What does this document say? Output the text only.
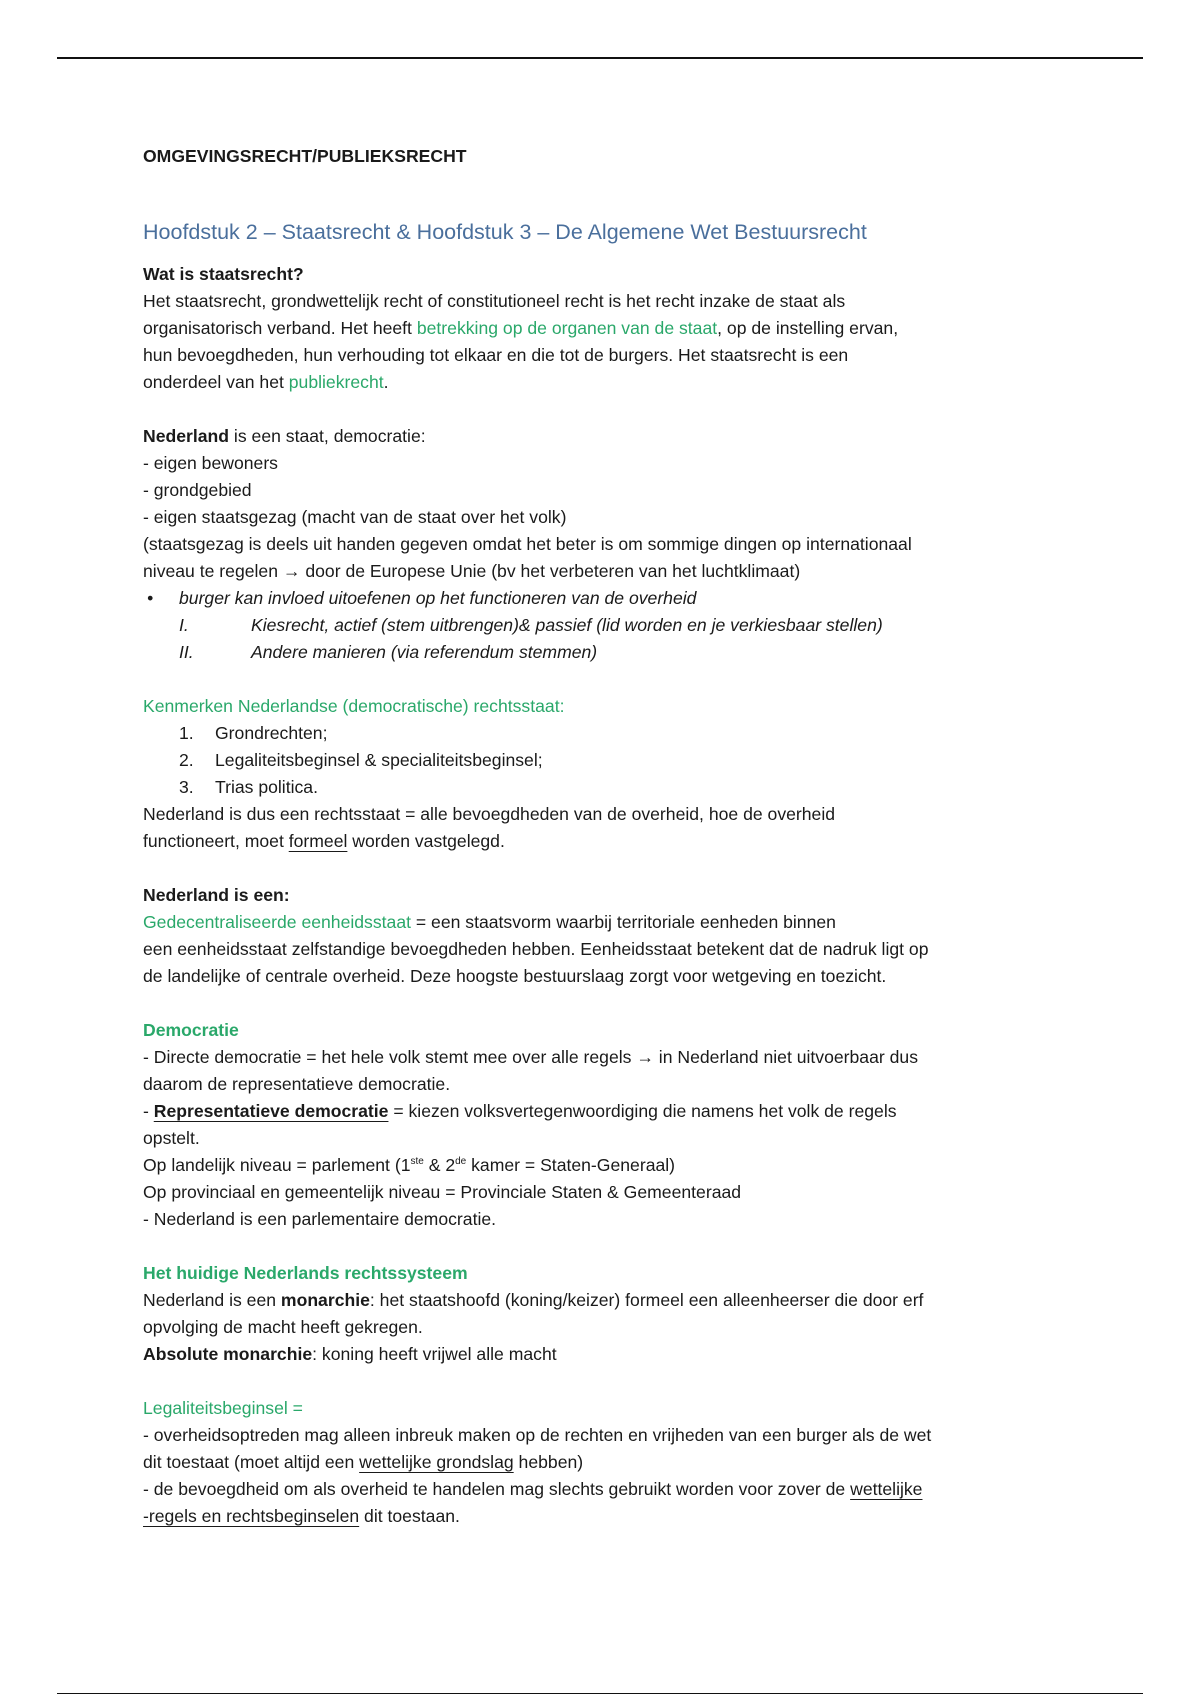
OMGEVINGSRECHT/PUBLIEKSRECHT
Hoofdstuk 2 – Staatsrecht & Hoofdstuk 3 – De Algemene Wet Bestuursrecht
Wat is staatsrecht?
Het staatsrecht, grondwettelijk recht of constitutioneel recht is het recht inzake de staat als
organisatorisch verband. Het heeft betrekking op de organen van de staat, op de instelling ervan,
hun bevoegdheden, hun verhouding tot elkaar en die tot de burgers. Het staatsrecht is een
onderdeel van het publiekrecht.
Nederland is een staat, democratie:
- eigen bewoners
- grondgebied
- eigen staatsgezag (macht van de staat over het volk)
(staatsgezag is deels uit handen gegeven omdat het beter is om sommige dingen op internationaal
niveau te regelen → door de Europese Unie (bv het verbeteren van het luchtklimaat)
• burger kan invloed uitoefenen op het functioneren van de overheid
I.	Kiesrecht, actief (stem uitbrengen)& passief (lid worden en je verkiesbaar stellen)
II.	Andere manieren (via referendum stemmen)
Kenmerken Nederlandse (democratische) rechtsstaat:
1. Grondrechten;
2. Legaliteitsbeginsel & specialiteitsbeginsel;
3. Trias politica.
Nederland is dus een rechtsstaat = alle bevoegdheden van de overheid, hoe de overheid
functioneert, moet formeel worden vastgelegd.
Nederland is een:
Gedecentraliseerde eenheidsstaat = een staatsvorm waarbij territoriale eenheden binnen
een eenheidsstaat zelfstandige bevoegdheden hebben. Eenheidsstaat betekent dat de nadruk ligt op
de landelijke of centrale overheid. Deze hoogste bestuurslaag zorgt voor wetgeving en toezicht.
Democratie
- Directe democratie = het hele volk stemt mee over alle regels → in Nederland niet uitvoerbaar dus
daarom de representatieve democratie.
- Representatieve democratie = kiezen volksvertegenwoordiging die namens het volk de regels
opstelt.
Op landelijk niveau = parlement (1ste & 2de kamer = Staten-Generaal)
Op provinciaal en gemeentelijk niveau = Provinciale Staten & Gemeenteraad
- Nederland is een parlementaire democratie.
Het huidige Nederlands rechtssysteem
Nederland is een monarchie: het staatshoofd (koning/keizer) formeel een alleenheerser die door erf
opvolging de macht heeft gekregen.
Absolute monarchie: koning heeft vrijwel alle macht
Legaliteitsbeginsel =
- overheidsoptreden mag alleen inbreuk maken op de rechten en vrijheden van een burger als de wet
dit toestaat (moet altijd een wettelijke grondslag hebben)
- de bevoegdheid om als overheid te handelen mag slechts gebruikt worden voor zover de wettelijke
-regels en rechtsbeginselen dit toestaan.
